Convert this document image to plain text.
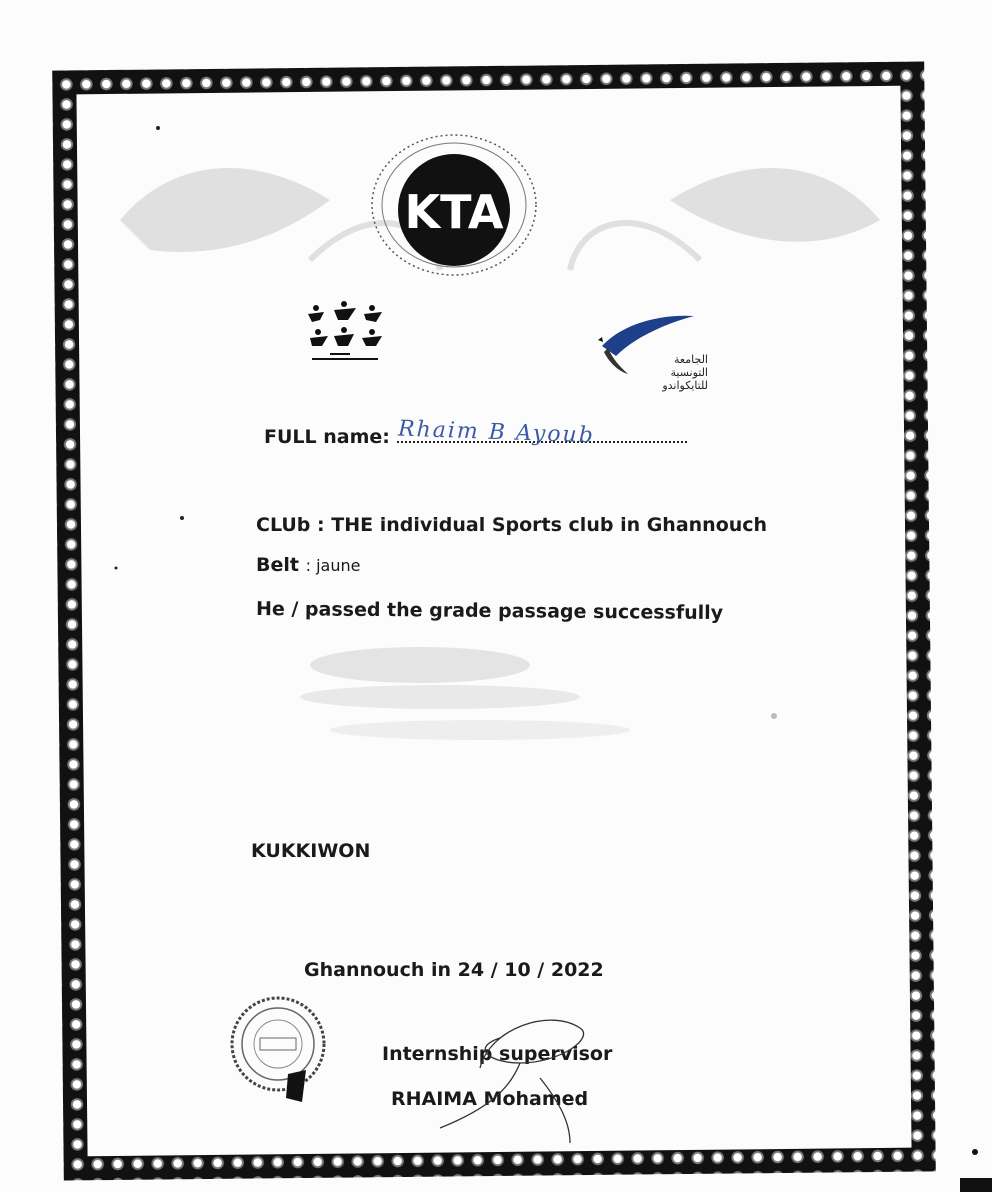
KTA
الجامعة
التونسية
للتايكواندو
FULL name: Rhaim B Ayoub
CLUb : THE individual Sports club in Ghannouch
Belt : jaune
He / passed the grade passage successfully
KUKKIWON
Ghannouch in 24 / 10 / 2022
Internship supervisor
RHAIMA Mohamed
